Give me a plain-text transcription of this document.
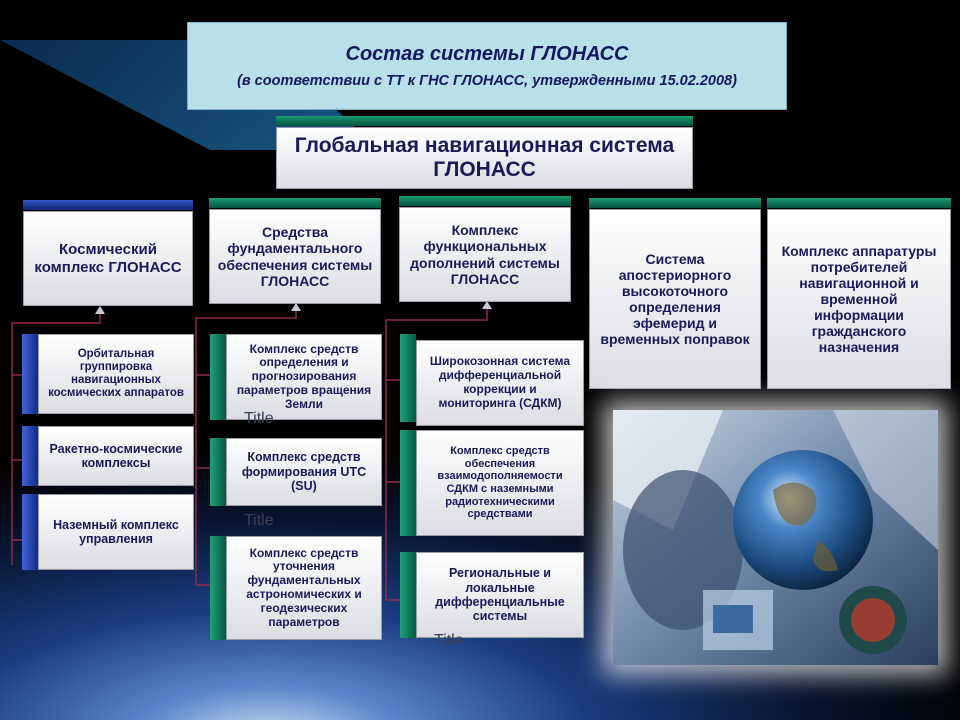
Состав системы ГЛОНАСС
(в соответствии с ТТ к ГНС ГЛОНАСС, утвержденными 15.02.2008)
Глобальная навигационная система ГЛОНАСС
Космический комплекс ГЛОНАСС
Средства фундаментального обеспечения системы ГЛОНАСС
Комплекс функциональных дополнений системы ГЛОНАСС
Система апостериорного высокоточного определения эфемерид и временных поправок
Комплекс аппаратуры потребителей навигационной и временной информации гражданского назначения
Орбитальная группировка навигационных космических аппаратов
Ракетно-космические комплексы
Наземный комплекс управления
Комплекс средств определения и прогнозирования параметров вращения Земли
Комплекс средств формирования UTC (SU)
Комплекс средств уточнения фундаментальных астрономических и геодезических параметров
Широкозонная система дифференциальной коррекции и мониторинга (СДКМ)
Комплекс средств обеспечения взаимодополняемости СДКМ с наземными радиотехническими средствами
Региональные и локальные дифференциальные системы
Title
Title
Title
